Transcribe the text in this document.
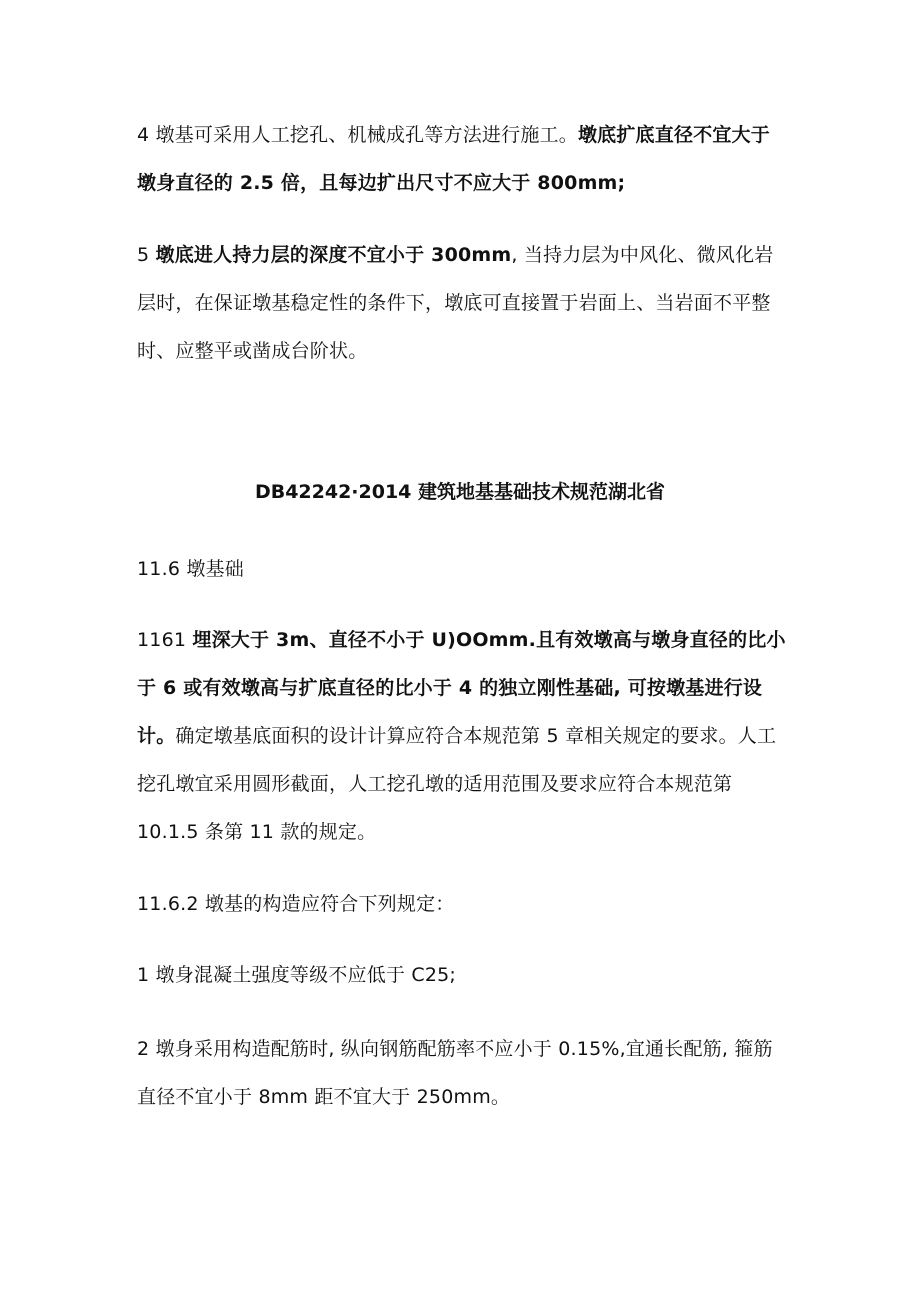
4 墩基可采用人工挖孔、机械成孔等方法进行施工。墩底扩底直径不宜大于墩身直径的 2.5 倍，且每边扩出尺寸不应大于 800mm;

5 墩底进人持力层的深度不宜小于 300mm, 当持力层为中风化、微风化岩层时，在保证墩基稳定性的条件下，墩底可直接置于岩面上、当岩面不平整时、应整平或凿成台阶状。

DB42242·2014 建筑地基基础技术规范湖北省

11.6 墩基础

1161 埋深大于 3m、直径不小于 U)OOmm.且有效墩高与墩身直径的比小于 6 或有效墩高与扩底直径的比小于 4 的独立刚性基础, 可按墩基进行设计。确定墩基底面积的设计计算应符合本规范第 5 章相关规定的要求。人工挖孔墩宜采用圆形截面，人工挖孔墩的适用范围及要求应符合本规范第 10.1.5 条第 11 款的规定。

11.6.2 墩基的构造应符合下列规定：

1 墩身混凝土强度等级不应低于 C25;

2 墩身采用构造配筋时, 纵向钢筋配筋率不应小于 0.15%,宜通长配筋, 箍筋直径不宜小于 8mm 距不宜大于 250mm。
